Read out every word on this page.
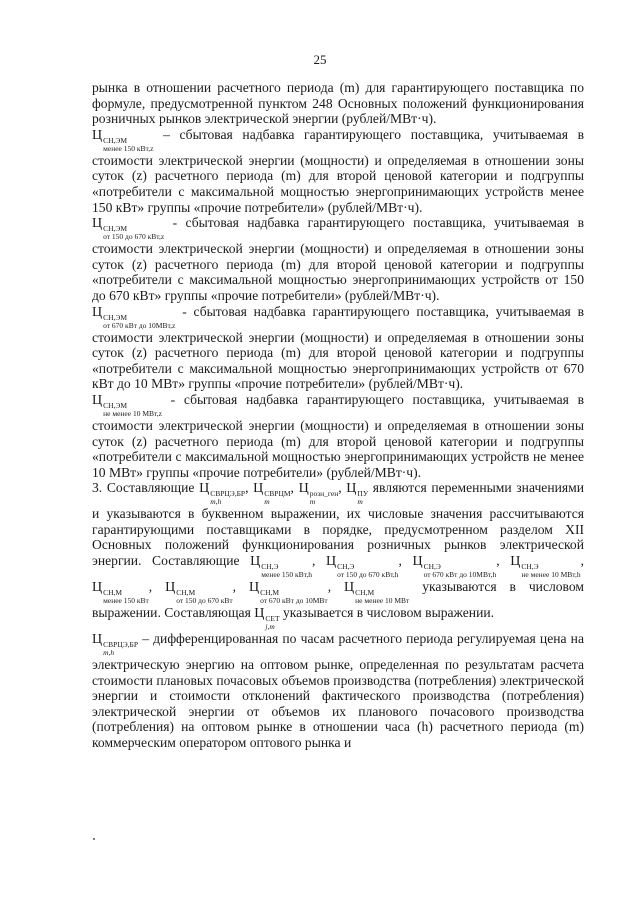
25

рынка в отношении расчетного периода (m) для гарантирующего поставщика по формуле, предусмотренной пунктом 248 Основных положений функционирования розничных рынков электрической энергии (рублей/МВт·ч).

Ц СН,ЭМ
менее 150 кВт,z
– сбытовая надбавка гарантирующего поставщика, учитываемая в стоимости электрической энергии (мощности) и определяемая в отношении зоны суток (z) расчетного периода (m) для второй ценовой категории и подгруппы «потребители с максимальной мощностью энергопринимающих устройств менее 150 кВт» группы «прочие потребители» (рублей/МВт·ч).

Ц СН,ЭМ
от 150 до 670 кВт,z
- сбытовая надбавка гарантирующего поставщика, учитываемая в стоимости электрической энергии (мощности) и определяемая в отношении зоны суток (z) расчетного периода (m) для второй ценовой категории и подгруппы «потребители с максимальной мощностью энергопринимающих устройств от 150 до 670 кВт» группы «прочие потребители» (рублей/МВт·ч).

Ц СН,ЭМ
от 670 кВт до 10МВт,z
- сбытовая надбавка гарантирующего поставщика, учитываемая в стоимости электрической энергии (мощности) и определяемая в отношении зоны суток (z) расчетного периода (m) для второй ценовой категории и подгруппы «потребители с максимальной мощностью энергопринимающих устройств от 670 кВт до 10 МВт» группы «прочие потребители» (рублей/МВт·ч).

Ц СН,ЭМ
не менее 10 МВт,z
- сбытовая надбавка гарантирующего поставщика, учитываемая в стоимости электрической энергии (мощности) и определяемая в отношении зоны суток (z) расчетного периода (m) для второй ценовой категории и подгруппы «потребители с максимальной мощностью энергопринимающих устройств не менее 10 МВт» группы «прочие потребители» (рублей/МВт·ч).

3. Составляющие Ц СВРЦЭ,БР
m,h
, Ц СВРЦМ
m
, Ц розн_ген
m
, Ц ПУ
m
являются переменными значениями и указываются в буквенном выражении, их числовые значения рассчитываются гарантирующими поставщиками в порядке, предусмотренном разделом XII Основных положений функционирования розничных рынков электрической энергии. Составляющие Ц СН,Э
менее 150 кВт,h
, Ц СН,Э
от 150 до 670 кВт,h
, Ц СН,Э
от 670 кВт до 10МВт,h
, Ц СН,Э
не менее 10 МВт,h
, Ц СН,М
менее 150 кВт
, Ц СН,М
от 150 до 670 кВт
, Ц СН,М
от 670 кВт до 10МВт
, Ц СН,М
не менее 10 МВт
указываются в числовом выражении. Составляющая Ц СЕТ
j,m
указывается в числовом выражении.

Ц СВРЦЭ,БР
m,h
– дифференцированная по часам расчетного периода регулируемая цена на электрическую энергию на оптовом рынке, определенная по результатам расчета стоимости плановых почасовых объемов производства (потребления) электрической энергии и стоимости отклонений фактического производства (потребления) электрической энергии от объемов их планового почасового производства (потребления) на оптовом рынке в отношении часа (h) расчетного периода (m) коммерческим оператором оптового рынка и
